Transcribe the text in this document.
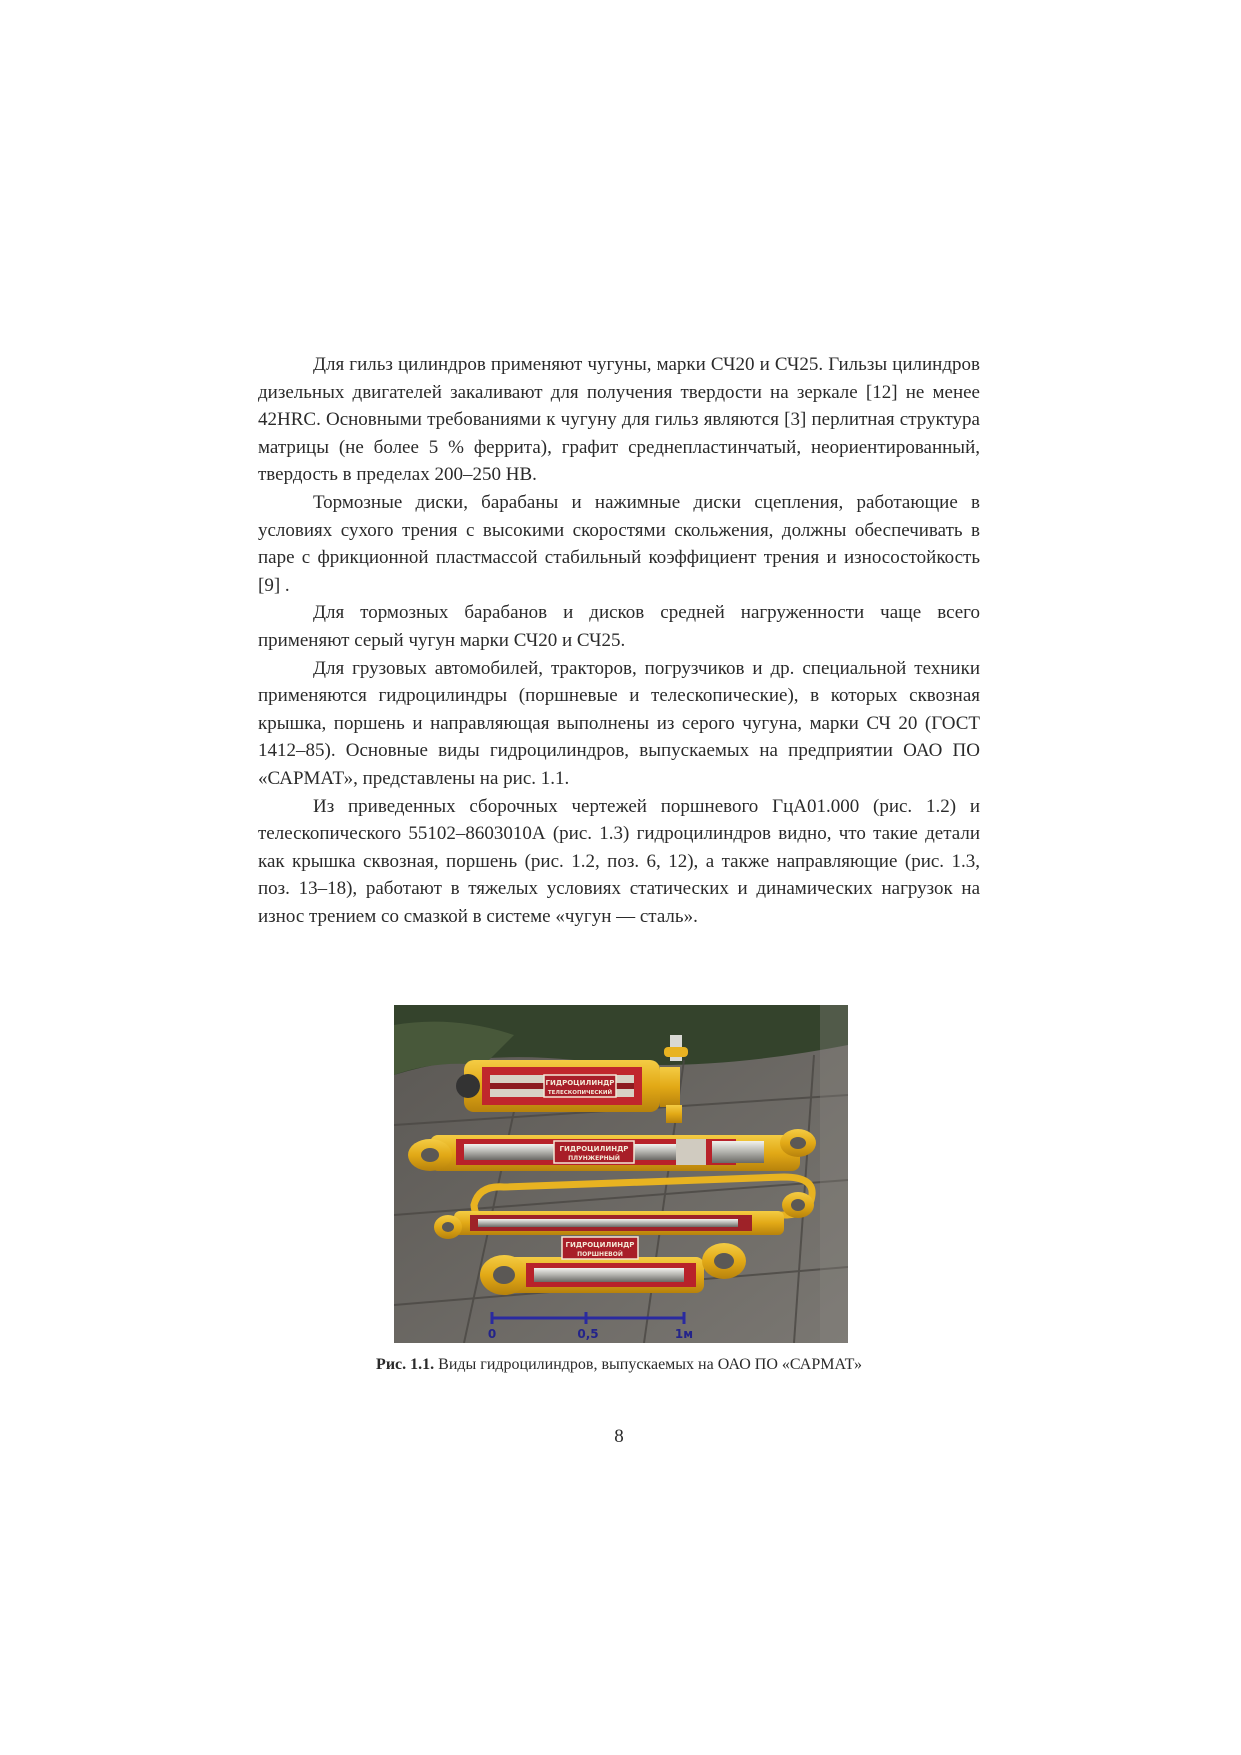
Для гильз цилиндров применяют чугуны, марки СЧ20 и СЧ25. Гильзы цилиндров дизельных двигателей закаливают для получения твердости на зеркале [12] не менее 42HRC. Основными требованиями к чугуну для гильз являются [3] перлитная структура матрицы (не более 5 % феррита), графит среднепластинчатый, неориентированный, твердость в пределах 200–250 HB.

Тормозные диски, барабаны и нажимные диски сцепления, работающие в условиях сухого трения с высокими скоростями скольжения, должны обеспечивать в паре с фрикционной пластмассой стабильный коэффициент трения и износостойкость [9] .

Для тормозных барабанов и дисков средней нагруженности чаще всего применяют серый чугун марки СЧ20 и СЧ25.

Для грузовых автомобилей, тракторов, погрузчиков и др. специальной техники применяются гидроцилиндры (поршневые и телескопические), в которых сквозная крышка, поршень и направляющая выполнены из серого чугуна, марки СЧ 20 (ГОСТ 1412–85). Основные виды гидроцилиндров, выпускаемых на предприятии ОАО ПО «САРМАТ», представлены на рис. 1.1.

Из приведенных сборочных чертежей поршневого ГцА01.000 (рис. 1.2) и телескопического 55102–8603010А (рис. 1.3) гидроцилиндров видно, что такие детали как крышка сквозная, поршень (рис. 1.2, поз. 6, 12), а также направляющие (рис. 1.3, поз. 13–18), работают в тяжелых условиях статических и динамических нагрузок на износ трением со смазкой в системе «чугун — сталь».

ГИДРОЦИЛИНДР
ТЕЛЕСКОПИЧЕСКИЙ
ГИДРОЦИЛИНДР
ПЛУНЖЕРНЫЙ
ГИДРОЦИЛИНДР
ПОРШНЕВОЙ
0	0,5	1м
Рис. 1.1. Виды гидроцилиндров, выпускаемых на ОАО ПО «САРМАТ»
8
